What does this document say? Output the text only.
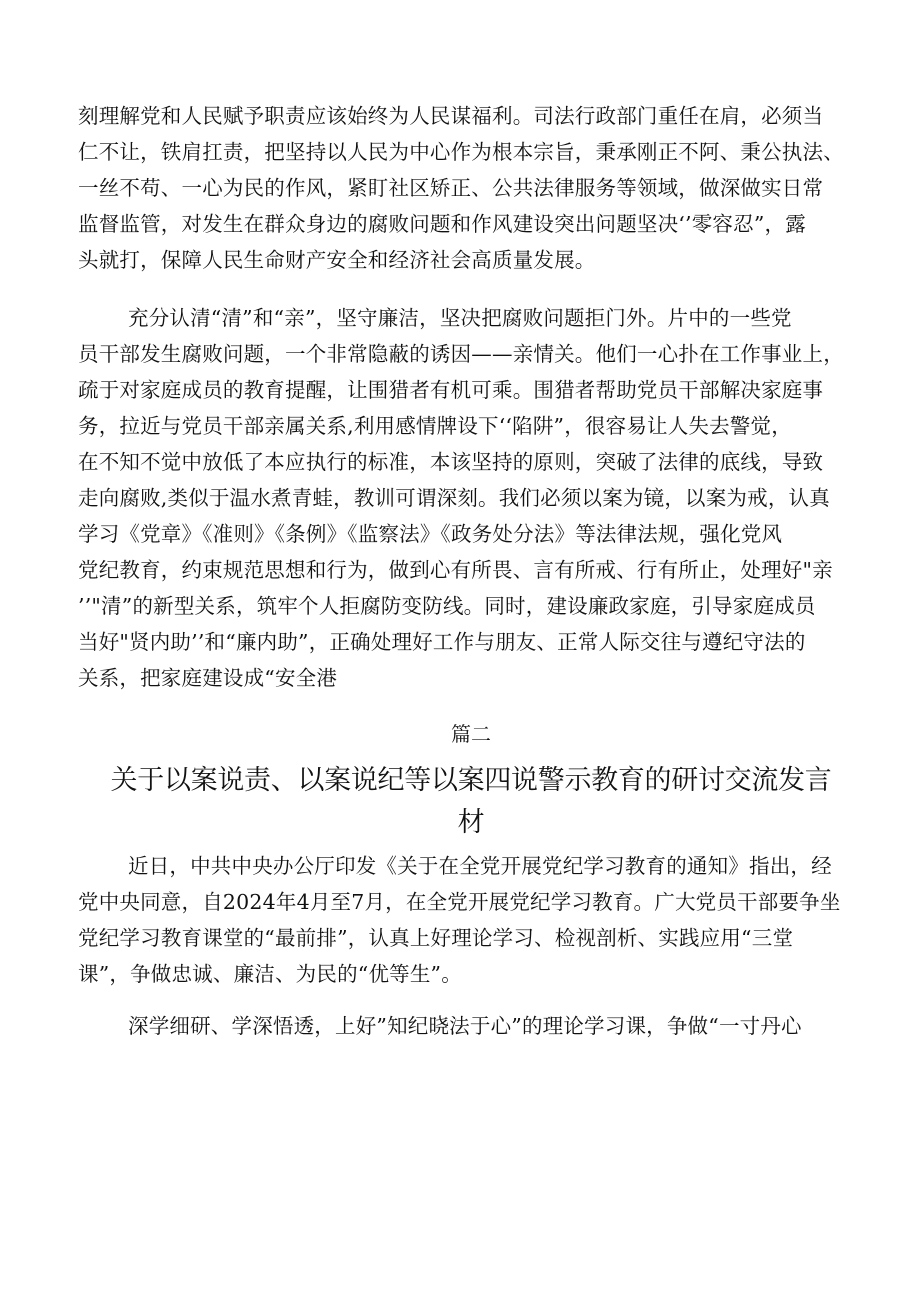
刻理解党和人民赋予职责应该始终为人民谋福利。司法行政部门重任在肩，必须当
仁不让，铁肩扛责，把坚持以人民为中心作为根本宗旨，秉承刚正不阿、秉公执法、
一丝不苟、一心为民的作风，紧盯社区矫正、公共法律服务等领域，做深做实日常
监督监管，对发生在群众身边的腐败问题和作风建设突出问题坚决‘’零容忍”，露
头就打，保障人民生命财产安全和经济社会高质量发展。

充分认清“清”和“亲”，坚守廉洁，坚决把腐败问题拒门外。片中的一些党
员干部发生腐败问题，一个非常隐蔽的诱因——亲情关。他们一心扑在工作事业上，
疏于对家庭成员的教育提醒，让围猎者有机可乘。围猎者帮助党员干部解决家庭事
务，拉近与党员干部亲属关系,利用感情牌设下‘‘陷阱”，很容易让人失去警觉，
在不知不觉中放低了本应执行的标准，本该坚持的原则，突破了法律的底线，导致
走向腐败,类似于温水煮青蛙，教训可谓深刻。我们必须以案为镜，以案为戒，认真
学习《党章》《准则》《条例》《监察法》《政务处分法》等法律法规，强化党风
党纪教育，约束规范思想和行为，做到心有所畏、言有所戒、行有所止，处理好"亲
’’"清”的新型关系，筑牢个人拒腐防变防线。同时，建设廉政家庭，引导家庭成员
当好"贤内助’’和“廉内助”，正确处理好工作与朋友、正常人际交往与遵纪守法的
关系，把家庭建设成“安全港

篇二

关于以案说责、以案说纪等以案四说警示教育的研讨交流发言
材

近日，中共中央办公厅印发《关于在全党开展党纪学习教育的通知》指出，经
党中央同意，自2024年4月至7月，在全党开展党纪学习教育。广大党员干部要争坐
党纪学习教育课堂的“最前排”，认真上好理论学习、检视剖析、实践应用“三堂
课”，争做忠诚、廉洁、为民的“优等生”。

深学细研、学深悟透，上好”知纪晓法于心”的理论学习课，争做“一寸丹心
